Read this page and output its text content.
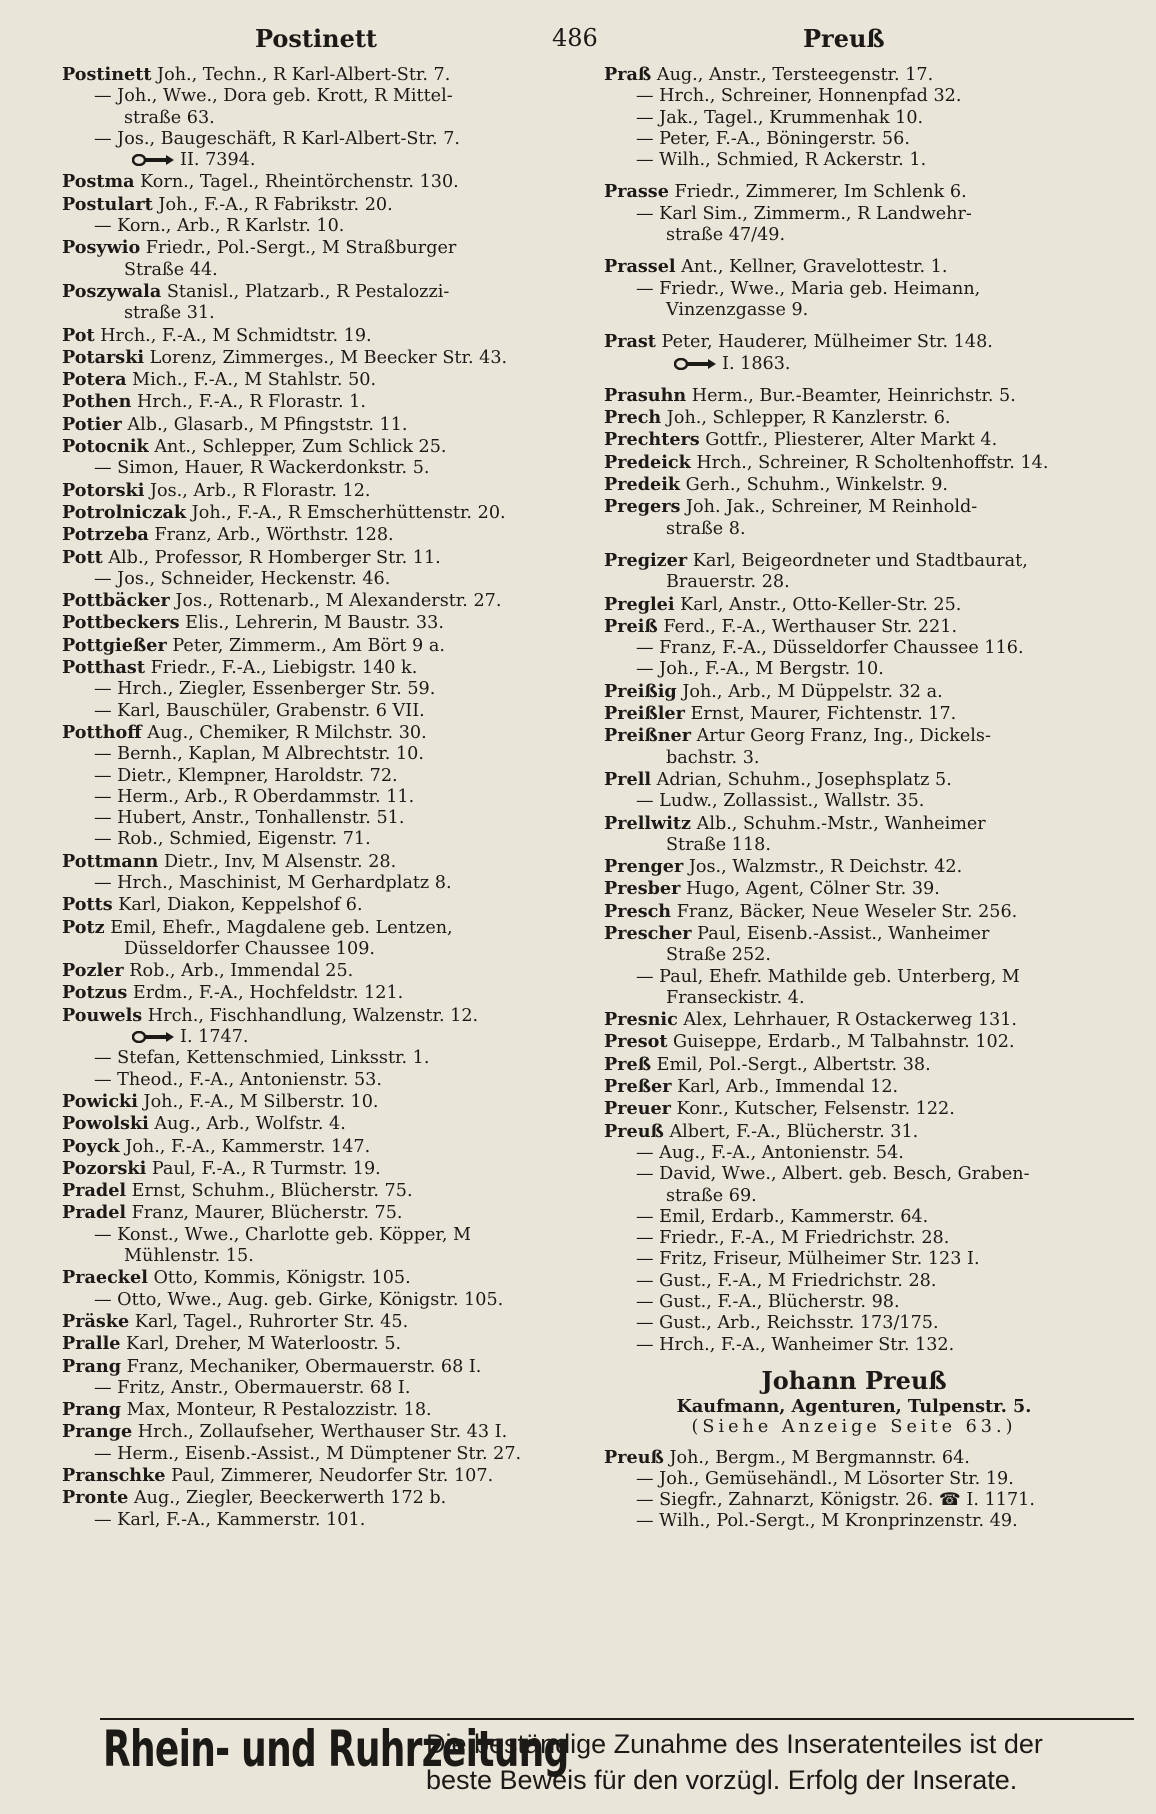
Postinett	486	Preuß
Postinett Joh., Techn., R Karl-Albert-Str. 7.
— Joh., Wwe., Dora geb. Krott, R Mittel-
straße 63.
— Jos., Baugeschäft, R Karl-Albert-Str. 7.
II. 7394.
Postma Korn., Tagel., Rheintörchenstr. 130.
Postulart Joh., F.-A., R Fabrikstr. 20.
— Korn., Arb., R Karlstr. 10.
Posywio Friedr., Pol.-Sergt., M Straßburger
Straße 44.
Poszywala Stanisl., Platzarb., R Pestalozzi-
straße 31.
Pot Hrch., F.-A., M Schmidtstr. 19.
Potarski Lorenz, Zimmerges., M Beecker Str. 43.
Potera Mich., F.-A., M Stahlstr. 50.
Pothen Hrch., F.-A., R Florastr. 1.
Potier Alb., Glasarb., M Pfingststr. 11.
Potocnik Ant., Schlepper, Zum Schlick 25.
— Simon, Hauer, R Wackerdonkstr. 5.
Potorski Jos., Arb., R Florastr. 12.
Potrolniczak Joh., F.-A., R Emscherhüttenstr. 20.
Potrzeba Franz, Arb., Wörthstr. 128.
Pott Alb., Professor, R Homberger Str. 11.
— Jos., Schneider, Heckenstr. 46.
Pottbäcker Jos., Rottenarb., M Alexanderstr. 27.
Pottbeckers Elis., Lehrerin, M Baustr. 33.
Pottgießer Peter, Zimmerm., Am Bört 9 a.
Potthast Friedr., F.-A., Liebigstr. 140 k.
— Hrch., Ziegler, Essenberger Str. 59.
— Karl, Bauschüler, Grabenstr. 6 VII.
Potthoff Aug., Chemiker, R Milchstr. 30.
— Bernh., Kaplan, M Albrechtstr. 10.
— Dietr., Klempner, Haroldstr. 72.
— Herm., Arb., R Oberdammstr. 11.
— Hubert, Anstr., Tonhallenstr. 51.
— Rob., Schmied, Eigenstr. 71.
Pottmann Dietr., Inv, M Alsenstr. 28.
— Hrch., Maschinist, M Gerhardplatz 8.
Potts Karl, Diakon, Keppelshof 6.
Potz Emil, Ehefr., Magdalene geb. Lentzen,
Düsseldorfer Chaussee 109.
Pozler Rob., Arb., Immendal 25.
Potzus Erdm., F.-A., Hochfeldstr. 121.
Pouwels Hrch., Fischhandlung, Walzenstr. 12.
I. 1747.
— Stefan, Kettenschmied, Linksstr. 1.
— Theod., F.-A., Antonienstr. 53.
Powicki Joh., F.-A., M Silberstr. 10.
Powolski Aug., Arb., Wolfstr. 4.
Poyck Joh., F.-A., Kammerstr. 147.
Pozorski Paul, F.-A., R Turmstr. 19.
Pradel Ernst, Schuhm., Blücherstr. 75.
Pradel Franz, Maurer, Blücherstr. 75.
— Konst., Wwe., Charlotte geb. Köpper, M
Mühlenstr. 15.
Praeckel Otto, Kommis, Königstr. 105.
— Otto, Wwe., Aug. geb. Girke, Königstr. 105.
Präske Karl, Tagel., Ruhrorter Str. 45.
Pralle Karl, Dreher, M Waterloostr. 5.
Prang Franz, Mechaniker, Obermauerstr. 68 I.
— Fritz, Anstr., Obermauerstr. 68 I.
Prang Max, Monteur, R Pestalozzistr. 18.
Prange Hrch., Zollaufseher, Werthauser Str. 43 I.
— Herm., Eisenb.-Assist., M Dümptener Str. 27.
Pranschke Paul, Zimmerer, Neudorfer Str. 107.
Pronte Aug., Ziegler, Beeckerwerth 172 b.
— Karl, F.-A., Kammerstr. 101.
Praß Aug., Anstr., Tersteegenstr. 17.
— Hrch., Schreiner, Honnenpfad 32.
— Jak., Tagel., Krummenhak 10.
— Peter, F.-A., Böningerstr. 56.
— Wilh., Schmied, R Ackerstr. 1.
Prasse Friedr., Zimmerer, Im Schlenk 6.
— Karl Sim., Zimmerm., R Landwehr-
straße 47/49.
Prassel Ant., Kellner, Gravelottestr. 1.
— Friedr., Wwe., Maria geb. Heimann,
Vinzenzgasse 9.
Prast Peter, Hauderer, Mülheimer Str. 148.
I. 1863.
Prasuhn Herm., Bur.-Beamter, Heinrichstr. 5.
Prech Joh., Schlepper, R Kanzlerstr. 6.
Prechters Gottfr., Pliesterer, Alter Markt 4.
Predeick Hrch., Schreiner, R Scholtenhoffstr. 14.
Predeik Gerh., Schuhm., Winkelstr. 9.
Pregers Joh. Jak., Schreiner, M Reinhold-
straße 8.
Pregizer Karl, Beigeordneter und Stadtbaurat,
Brauerstr. 28.
Preglei Karl, Anstr., Otto-Keller-Str. 25.
Preiß Ferd., F.-A., Werthauser Str. 221.
— Franz, F.-A., Düsseldorfer Chaussee 116.
— Joh., F.-A., M Bergstr. 10.
Preißig Joh., Arb., M Düppelstr. 32 a.
Preißler Ernst, Maurer, Fichtenstr. 17.
Preißner Artur Georg Franz, Ing., Dickels-
bachstr. 3.
Prell Adrian, Schuhm., Josephsplatz 5.
— Ludw., Zollassist., Wallstr. 35.
Prellwitz Alb., Schuhm.-Mstr., Wanheimer
Straße 118.
Prenger Jos., Walzmstr., R Deichstr. 42.
Presber Hugo, Agent, Cölner Str. 39.
Presch Franz, Bäcker, Neue Weseler Str. 256.
Prescher Paul, Eisenb.-Assist., Wanheimer
Straße 252.
— Paul, Ehefr. Mathilde geb. Unterberg, M
Franseckistr. 4.
Presnic Alex, Lehrhauer, R Ostackerweg 131.
Presot Guiseppe, Erdarb., M Talbahnstr. 102.
Preß Emil, Pol.-Sergt., Albertstr. 38.
Preßer Karl, Arb., Immendal 12.
Preuer Konr., Kutscher, Felsenstr. 122.
Preuß Albert, F.-A., Blücherstr. 31.
— Aug., F.-A., Antonienstr. 54.
— David, Wwe., Albert. geb. Besch, Graben-
straße 69.
— Emil, Erdarb., Kammerstr. 64.
— Friedr., F.-A., M Friedrichstr. 28.
— Fritz, Friseur, Mülheimer Str. 123 I.
— Gust., F.-A., M Friedrichstr. 28.
— Gust., F.-A., Blücherstr. 98.
— Gust., Arb., Reichsstr. 173/175.
— Hrch., F.-A., Wanheimer Str. 132.
Johann Preuß
Kaufmann, Agenturen, Tulpenstr. 5.
(Siehe Anzeige Seite 63.)
Preuß Joh., Bergm., M Bergmannstr. 64.
— Joh., Gemüsehändl., M Lösorter Str. 19.
— Siegfr., Zahnarzt, Königstr. 26. ☎ I. 1171.
— Wilh., Pol.-Sergt., M Kronprinzenstr. 49.
Rhein- und Ruhrzeitung
Die beständige Zunahme des Inseratenteiles ist der
beste Beweis für den vorzügl. Erfolg der Inserate.
